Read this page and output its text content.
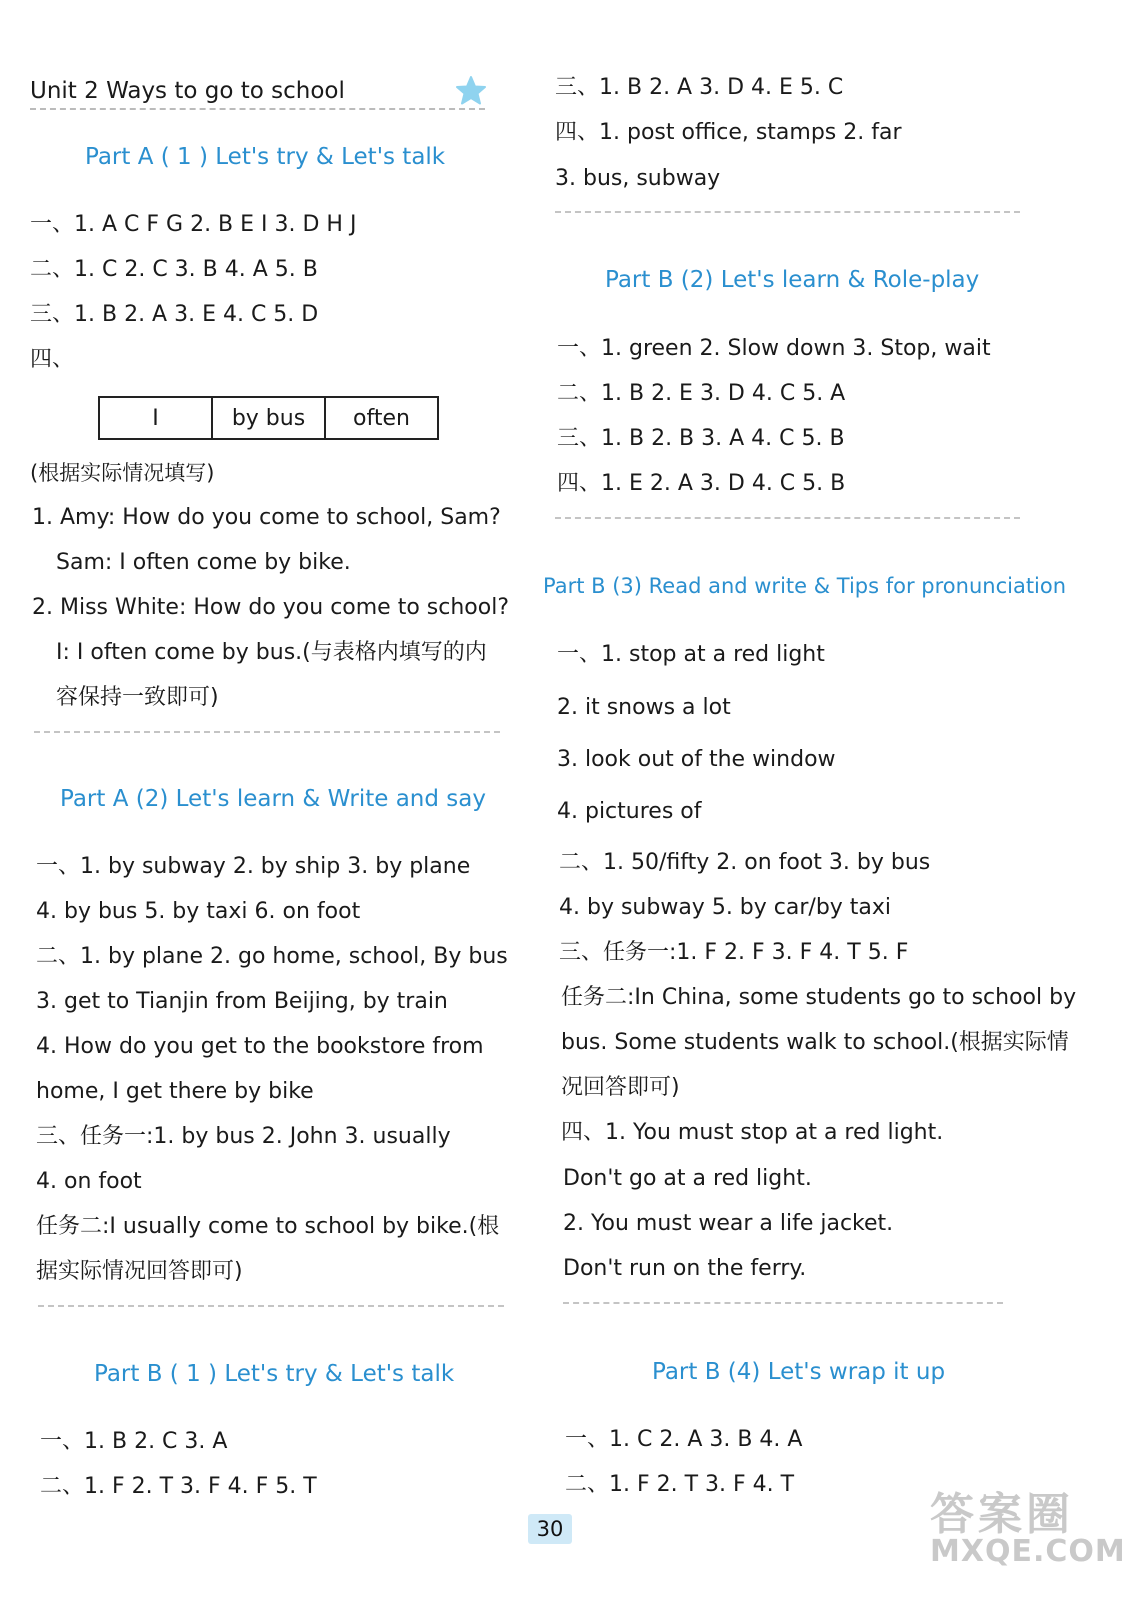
Unit 2 Ways to go to school
Part A ( 1 ) Let's try & Let's talk
一、1. A C F G 2. B E I 3. D H J
二、1. C 2. C 3. B 4. A 5. B
三、1. B 2. A 3. E 4. C 5. D
四、
I	by bus	often
(根据实际情况填写)
1. Amy: How do you come to school, Sam?
Sam: I often come by bike.
2. Miss White: How do you come to school?
I: I often come by bus.(与表格内填写的内
容保持一致即可)
Part A (2) Let's learn & Write and say
一、1. by subway 2. by ship 3. by plane
4. by bus 5. by taxi 6. on foot
二、1. by plane 2. go home, school, By bus
3. get to Tianjin from Beijing, by train
4. How do you get to the bookstore from
home, I get there by bike
三、任务一:1. by bus 2. John 3. usually
4. on foot
任务二:I usually come to school by bike.(根
据实际情况回答即可)
Part B ( 1 ) Let's try & Let's talk
一、1. B 2. C 3. A
二、1. F 2. T 3. F 4. F 5. T
三、1. B 2. A 3. D 4. E 5. C
四、1. post office, stamps 2. far
3. bus, subway
Part B (2) Let's learn & Role-play
一、1. green 2. Slow down 3. Stop, wait
二、1. B 2. E 3. D 4. C 5. A
三、1. B 2. B 3. A 4. C 5. B
四、1. E 2. A 3. D 4. C 5. B
Part B (3) Read and write & Tips for pronunciation
一、1. stop at a red light
2. it snows a lot
3. look out of the window
4. pictures of
二、1. 50/fifty 2. on foot 3. by bus
4. by subway 5. by car/by taxi
三、任务一:1. F 2. F 3. F 4. T 5. F
任务二:In China, some students go to school by
bus. Some students walk to school.(根据实际情
况回答即可)
四、1. You must stop at a red light.
Don't go at a red light.
2. You must wear a life jacket.
Don't run on the ferry.
Part B (4) Let's wrap it up
一、1. C 2. A 3. B 4. A
二、1. F 2. T 3. F 4. T
30	答案圈
MXQE.COM
